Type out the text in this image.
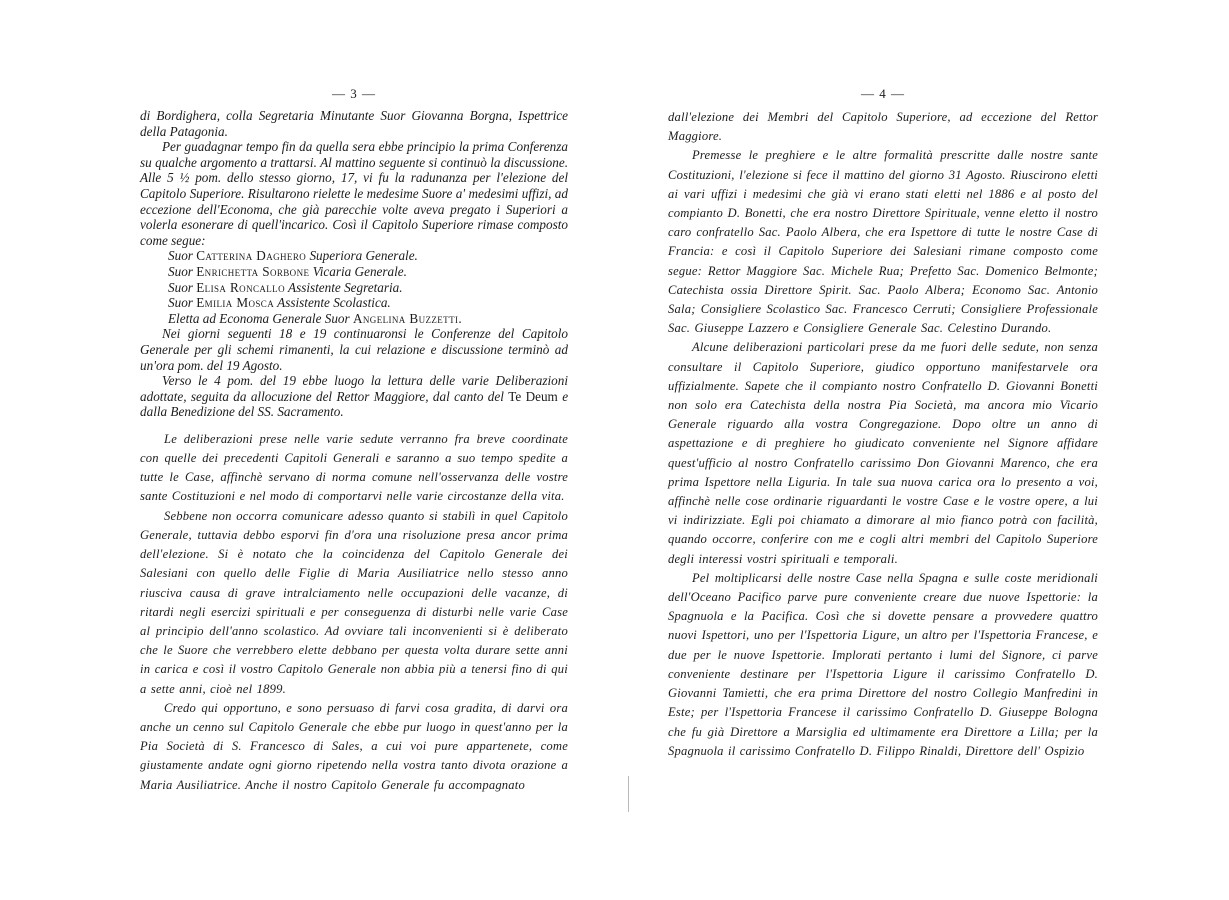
— 3 —

di Bordighera, colla Segretaria Minutante Suor Giovanna Borgna, Ispettrice della Patagonia.

Per guadagnar tempo fin da quella sera ebbe principio la prima Conferenza su qualche argomento a trattarsi. Al mattino seguente si continuò la discussione. Alle 5 ½ pom. dello stesso giorno, 17, vi fu la radunanza per l'elezione del Capitolo Superiore. Risultarono rielette le medesime Suore a' medesimi uffizi, ad eccezione dell'Economa, che già parecchie volte aveva pregato i Superiori a volerla esonerare di quell'incarico. Così il Capitolo Superiore rimase composto come segue:

Suor Catterina Daghero Superiora Generale.
Suor Enrichetta Sorbone Vicaria Generale.
Suor Elisa Roncallo Assistente Segretaria.
Suor Emilia Mosca Assistente Scolastica.
Eletta ad Economa Generale Suor Angelina Buzzetti.

Nei giorni seguenti 18 e 19 continuaronsi le Conferenze del Capitolo Generale per gli schemi rimanenti, la cui relazione e discussione terminò ad un'ora pom. del 19 Agosto.

Verso le 4 pom. del 19 ebbe luogo la lettura delle varie Deliberazioni adottate, seguita da allocuzione del Rettor Maggiore, dal canto del Te Deum e dalla Benedizione del SS. Sacramento.

Le deliberazioni prese nelle varie sedute verranno fra breve coordinate con quelle dei precedenti Capitoli Generali e saranno a suo tempo spedite a tutte le Case, affinchè servano di norma comune nell'osservanza delle vostre sante Costituzioni e nel modo di comportarvi nelle varie circostanze della vita.

Sebbene non occorra comunicare adesso quanto si stabilì in quel Capitolo Generale, tuttavia debbo esporvi fin d'ora una risoluzione presa ancor prima dell'elezione. Si è notato che la coincidenza del Capitolo Generale dei Salesiani con quello delle Figlie di Maria Ausiliatrice nello stesso anno riusciva causa di grave intralciamento nelle occupazioni delle vacanze, di ritardi negli esercizi spirituali e per conseguenza di disturbi nelle varie Case al principio dell'anno scolastico. Ad ovviare tali inconvenienti si è deliberato che le Suore che verrebbero elette debbano per questa volta durare sette anni in carica e così il vostro Capitolo Generale non abbia più a tenersi fino di qui a sette anni, cioè nel 1899.

Credo qui opportuno, e sono persuaso di farvi cosa gradita, di darvi ora anche un cenno sul Capitolo Generale che ebbe pur luogo in quest'anno per la Pia Società di S. Francesco di Sales, a cui voi pure appartenete, come giustamente andate ogni giorno ripetendo nella vostra tanto divota orazione a Maria Ausiliatrice. Anche il nostro Capitolo Generale fu accompagnato

— 4 —

dall'elezione dei Membri del Capitolo Superiore, ad eccezione del Rettor Maggiore.

Premesse le preghiere e le altre formalità prescritte dalle nostre sante Costituzioni, l'elezione si fece il mattino del giorno 31 Agosto. Riuscirono eletti ai vari uffizi i medesimi che già vi erano stati eletti nel 1886 e al posto del compianto D. Bonetti, che era nostro Direttore Spirituale, venne eletto il nostro caro confratello Sac. Paolo Albera, che era Ispettore di tutte le nostre Case di Francia: e così il Capitolo Superiore dei Salesiani rimane composto come segue: Rettor Maggiore Sac. Michele Rua; Prefetto Sac. Domenico Belmonte; Catechista ossia Direttore Spirit. Sac. Paolo Albera; Economo Sac. Antonio Sala; Consigliere Scolastico Sac. Francesco Cerruti; Consigliere Professionale Sac. Giuseppe Lazzero e Consigliere Generale Sac. Celestino Durando.

Alcune deliberazioni particolari prese da me fuori delle sedute, non senza consultare il Capitolo Superiore, giudico opportuno manifestarvele ora uffizialmente. Sapete che il compianto nostro Confratello D. Giovanni Bonetti non solo era Catechista della nostra Pia Società, ma ancora mio Vicario Generale riguardo alla vostra Congregazione. Dopo oltre un anno di aspettazione e di preghiere ho giudicato conveniente nel Signore affidare quest'ufficio al nostro Confratello carissimo Don Giovanni Marenco, che era prima Ispettore nella Liguria. In tale sua nuova carica ora lo presento a voi, affinchè nelle cose ordinarie riguardanti le vostre Case e le vostre opere, a lui vi indirizziate. Egli poi chiamato a dimorare al mio fianco potrà con facilità, quando occorre, conferire con me e cogli altri membri del Capitolo Superiore degli interessi vostri spirituali e temporali.

Pel moltiplicarsi delle nostre Case nella Spagna e sulle coste meridionali dell'Oceano Pacifico parve pure conveniente creare due nuove Ispettorie: la Spagnuola e la Pacifica. Così che si dovette pensare a provvedere quattro nuovi Ispettori, uno per l'Ispettoria Ligure, un altro per l'Ispettoria Francese, e due per le nuove Ispettorie. Implorati pertanto i lumi del Signore, ci parve conveniente destinare per l'Ispettoria Ligure il carissimo Confratello D. Giovanni Tamietti, che era prima Direttore del nostro Collegio Manfredini in Este; per l'Ispettoria Francese il carissimo Confratello D. Giuseppe Bologna che fu già Direttore a Marsiglia ed ultimamente era Direttore a Lilla; per la Spagnuola il carissimo Confratello D. Filippo Rinaldi, Direttore dell' Ospizio
